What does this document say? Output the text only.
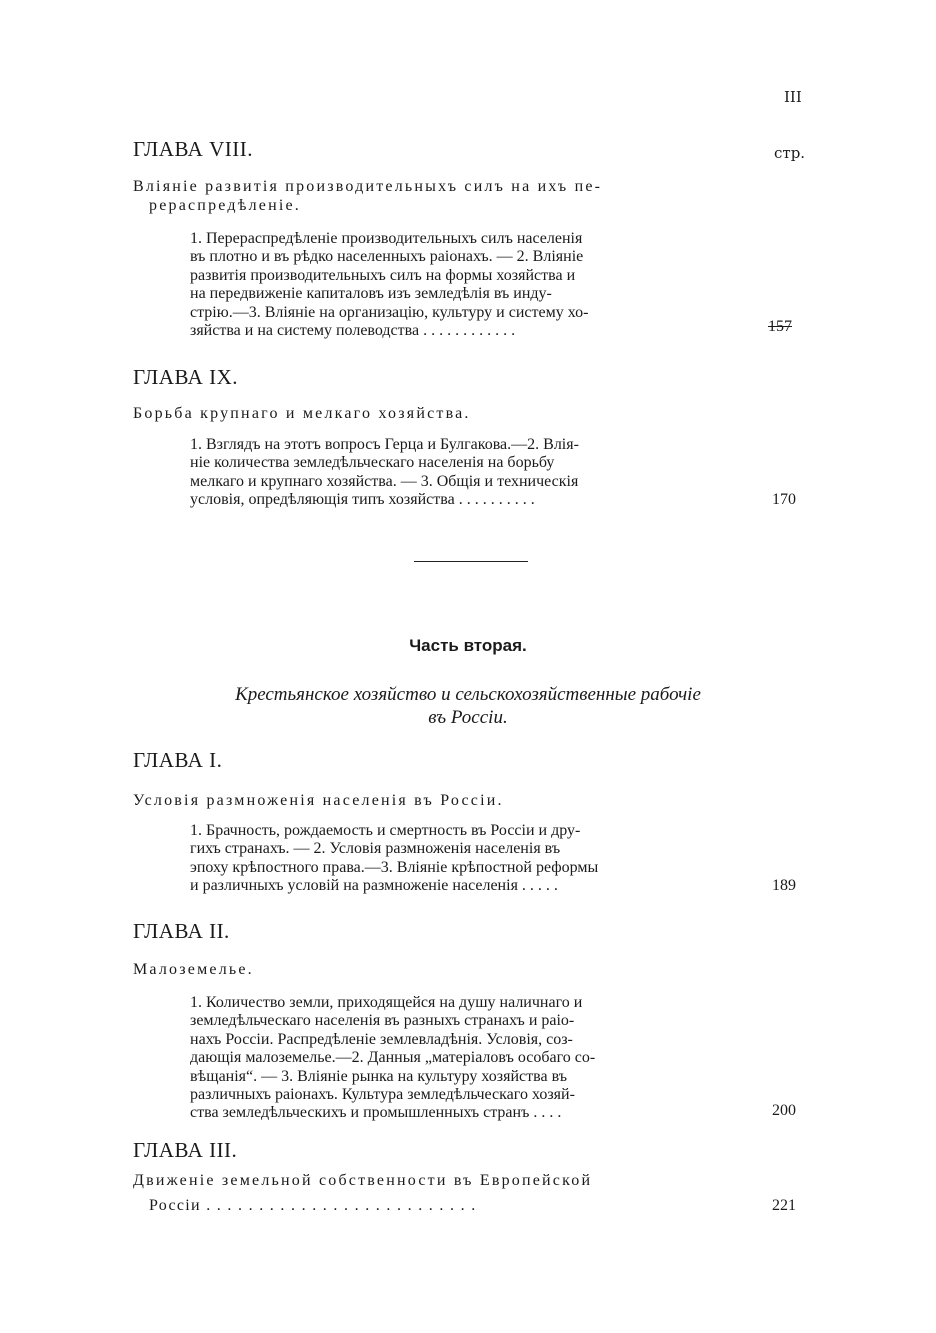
III
ГЛАВА VIII.	стр.
Вліяніе развитія производительныхъ силъ на ихъ пе-
рераспредѣленіе.
1. Перераспредѣленіе производительныхъ силъ населенія
въ плотно и въ рѣдко населенныхъ раіонахъ. — 2. Вліяніе
развитія производительныхъ силъ на формы хозяйства и
на передвиженіе капиталовъ изъ земледѣлія въ инду-
стрію.—3. Вліяніе на организацію, культуру и систему хо-
зяйства и на систему полеводства . . . . . . . . . . . .	157
ГЛАВА IX.
Борьба крупнаго и мелкаго хозяйства.
1. Взглядъ на этотъ вопросъ Герца и Булгакова.—2. Влія-
ніе количества земледѣльческаго населенія на борьбу
мелкаго и крупнаго хозяйства. — 3. Общія и техническія
условія, опредѣляющія типъ хозяйства . . . . . . . . . .	170
Часть вторая.
Крестьянское хозяйство и сельскохозяйственные рабочіе
въ Россіи.
ГЛАВА I.
Условія размноженія населенія въ Россіи.
1. Брачность, рождаемость и смертность въ Россіи и дру-
гихъ странахъ. — 2. Условія размноженія населенія въ
эпоху крѣпостного права.—3. Вліяніе крѣпостной реформы
и различныхъ условій на размноженіе населенія . . . . .	189
ГЛАВА II.
Малоземелье.
1. Количество земли, приходящейся на душу наличнаго и
земледѣльческаго населенія въ разныхъ странахъ и раіо-
нахъ Россіи. Распредѣленіе землевладѣнія. Условія, соз-
дающія малоземелье.—2. Данныя „матеріаловъ особаго со-
вѣщанія“. — 3. Вліяніе рынка на культуру хозяйства въ
различныхъ раіонахъ. Культура земледѣльческаго хозяй-
ства земледѣльческихъ и промышленныхъ странъ . . . .	200
ГЛАВА III.
Движеніе земельной собственности въ Европейской
Россіи . . . . . . . . . . . . . . . . . . . . . . . . . .	221
